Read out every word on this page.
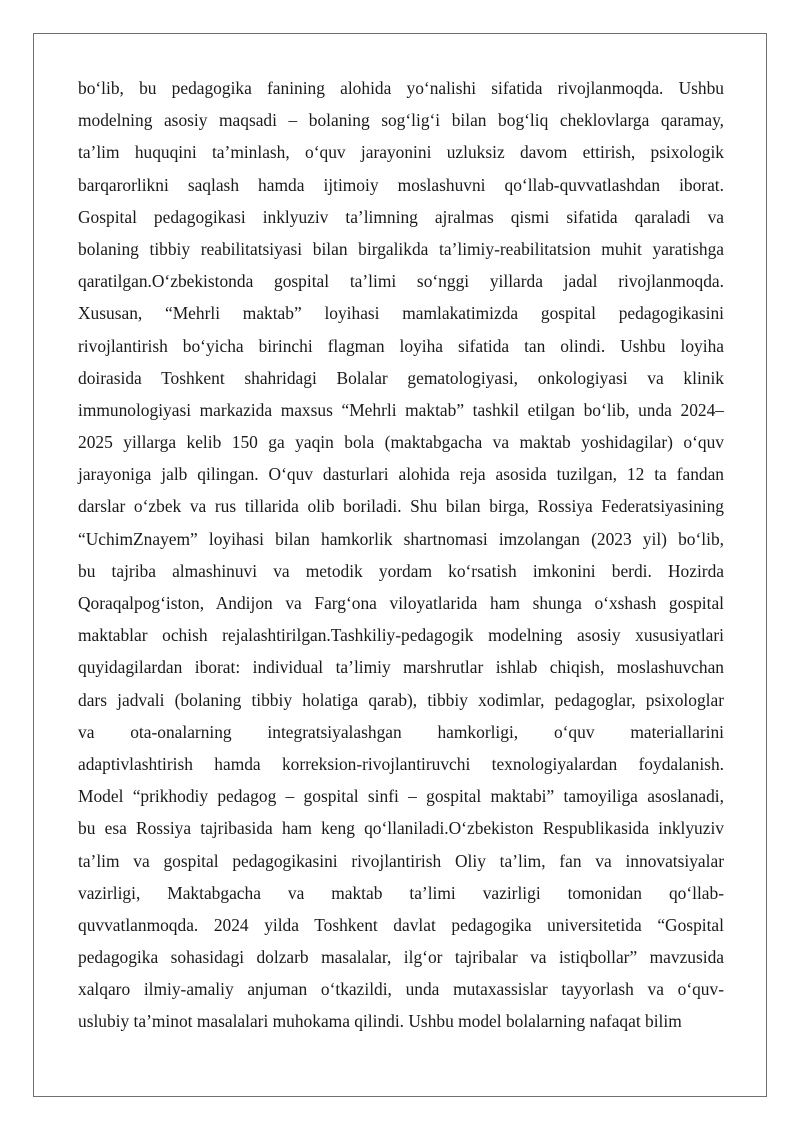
bo‘lib, bu pedagogika fanining alohida yo‘nalishi sifatida rivojlanmoqda. Ushbu
modelning asosiy maqsadi – bolaning sog‘lig‘i bilan bog‘liq cheklovlarga qaramay,
ta’lim huquqini ta’minlash, o‘quv jarayonini uzluksiz davom ettirish, psixologik
barqarorlikni saqlash hamda ijtimoiy moslashuvni qo‘llab-quvvatlashdan iborat.
Gospital pedagogikasi inklyuziv ta’limning ajralmas qismi sifatida qaraladi va
bolaning tibbiy reabilitatsiyasi bilan birgalikda ta’limiy-reabilitatsion muhit yaratishga
qaratilgan.O‘zbekistonda gospital ta’limi so‘nggi yillarda jadal rivojlanmoqda.
Xususan, “Mehrli maktab” loyihasi mamlakatimizda gospital pedagogikasini
rivojlantirish bo‘yicha birinchi flagman loyiha sifatida tan olindi. Ushbu loyiha
doirasida Toshkent shahridagi Bolalar gematologiyasi, onkologiyasi va klinik
immunologiyasi markazida maxsus “Mehrli maktab” tashkil etilgan bo‘lib, unda 2024–
2025 yillarga kelib 150 ga yaqin bola (maktabgacha va maktab yoshidagilar) o‘quv
jarayoniga jalb qilingan. O‘quv dasturlari alohida reja asosida tuzilgan, 12 ta fandan
darslar o‘zbek va rus tillarida olib boriladi. Shu bilan birga, Rossiya Federatsiyasining
“UchimZnayem” loyihasi bilan hamkorlik shartnomasi imzolangan (2023 yil) bo‘lib,
bu tajriba almashinuvi va metodik yordam ko‘rsatish imkonini berdi. Hozirda
Qoraqalpog‘iston, Andijon va Farg‘ona viloyatlarida ham shunga o‘xshash gospital
maktablar ochish rejalashtirilgan.Tashkiliy-pedagogik modelning asosiy xususiyatlari
quyidagilardan iborat: individual ta’limiy marshrutlar ishlab chiqish, moslashuvchan
dars jadvali (bolaning tibbiy holatiga qarab), tibbiy xodimlar, pedagoglar, psixologlar
va ota-onalarning integratsiyalashgan hamkorligi, o‘quv materiallarini
adaptivlashtirish hamda korreksion-rivojlantiruvchi texnologiyalardan foydalanish.
Model “prikhodiy pedagog – gospital sinfi – gospital maktabi” tamoyiliga asoslanadi,
bu esa Rossiya tajribasida ham keng qo‘llaniladi.O‘zbekiston Respublikasida inklyuziv
ta’lim va gospital pedagogikasini rivojlantirish Oliy ta’lim, fan va innovatsiyalar
vazirligi, Maktabgacha va maktab ta’limi vazirligi tomonidan qo‘llab-
quvvatlanmoqda. 2024 yilda Toshkent davlat pedagogika universitetida “Gospital
pedagogika sohasidagi dolzarb masalalar, ilg‘or tajribalar va istiqbollar” mavzusida
xalqaro ilmiy-amaliy anjuman o‘tkazildi, unda mutaxassislar tayyorlash va o‘quv-
uslubiy ta’minot masalalari muhokama qilindi. Ushbu model bolalarning nafaqat bilim
